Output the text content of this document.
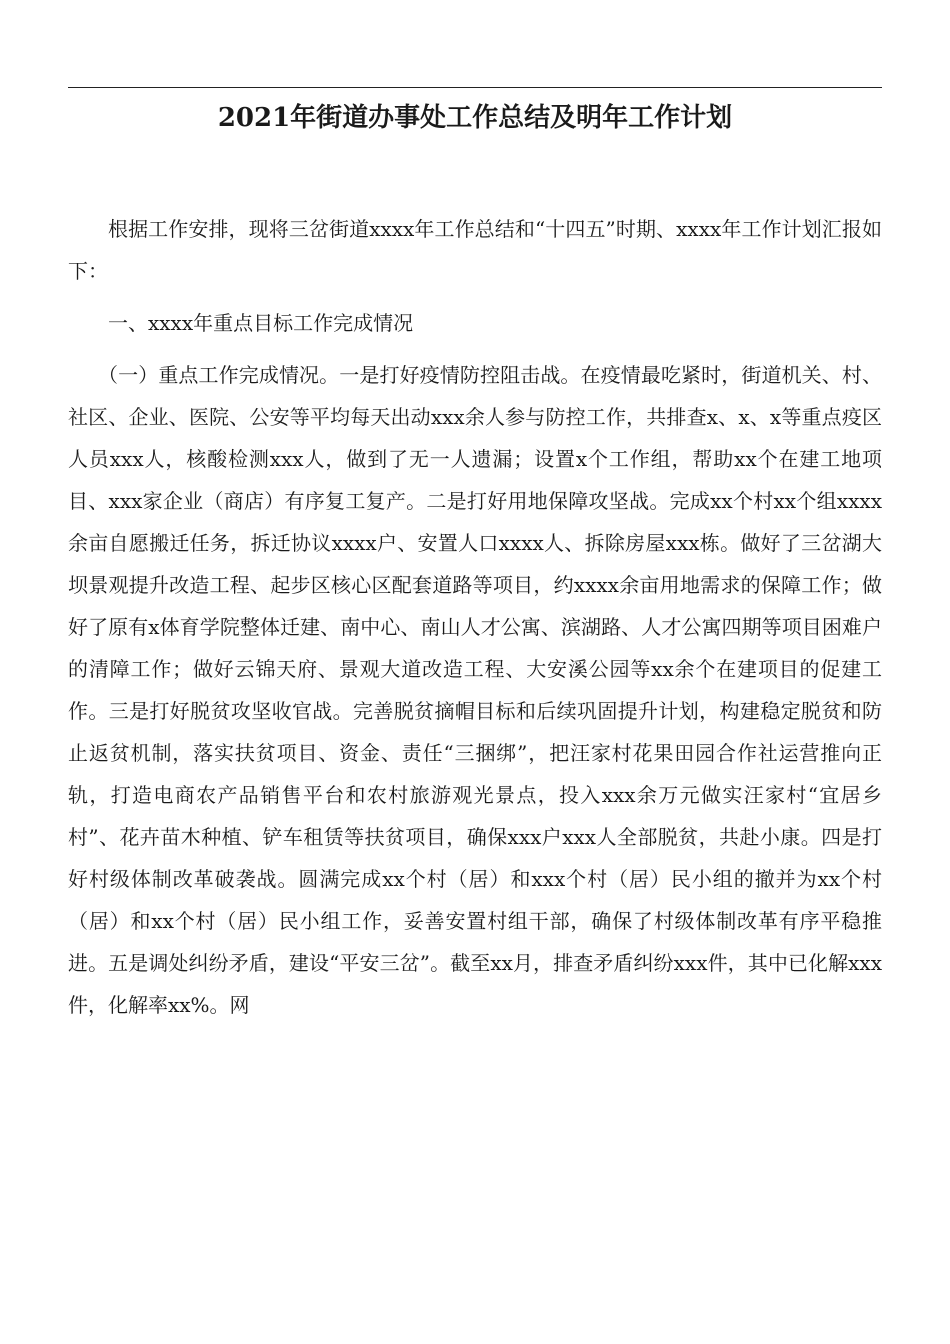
2021年街道办事处工作总结及明年工作计划

根据工作安排，现将三岔街道xxxx年工作总结和“十四五”时期、xxxx年工作计划汇报如下：

一、xxxx年重点目标工作完成情况

（一）重点工作完成情况。一是打好疫情防控阻击战。在疫情最吃紧时，街道机关、村、社区、企业、医院、公安等平均每天出动xxx余人参与防控工作，共排查x、x、x等重点疫区人员xxx人，核酸检测xxx人，做到了无一人遗漏；设置x个工作组，帮助xx个在建工地项目、xxx家企业（商店）有序复工复产。二是打好用地保障攻坚战。完成xx个村xx个组xxxx余亩自愿搬迁任务，拆迁协议xxxx户、安置人口xxxx人、拆除房屋xxx栋。做好了三岔湖大坝景观提升改造工程、起步区核心区配套道路等项目，约xxxx余亩用地需求的保障工作；做好了原有x体育学院整体迁建、南中心、南山人才公寓、滨湖路、人才公寓四期等项目困难户的清障工作；做好云锦天府、景观大道改造工程、大安溪公园等xx余个在建项目的促建工作。三是打好脱贫攻坚收官战。完善脱贫摘帽目标和后续巩固提升计划，构建稳定脱贫和防止返贫机制，落实扶贫项目、资金、责任“三捆绑”，把汪家村花果田园合作社运营推向正轨，打造电商农产品销售平台和农村旅游观光景点，投入xxx余万元做实汪家村“宜居乡村”、花卉苗木种植、铲车租赁等扶贫项目，确保xxx户xxx人全部脱贫，共赴小康。四是打好村级体制改革破袭战。圆满完成xx个村（居）和xxx个村（居）民小组的撤并为xx个村（居）和xx个村（居）民小组工作，妥善安置村组干部，确保了村级体制改革有序平稳推进。五是调处纠纷矛盾，建设“平安三岔”。截至xx月，排查矛盾纠纷xxx件，其中已化解xxx件，化解率xx%。网
